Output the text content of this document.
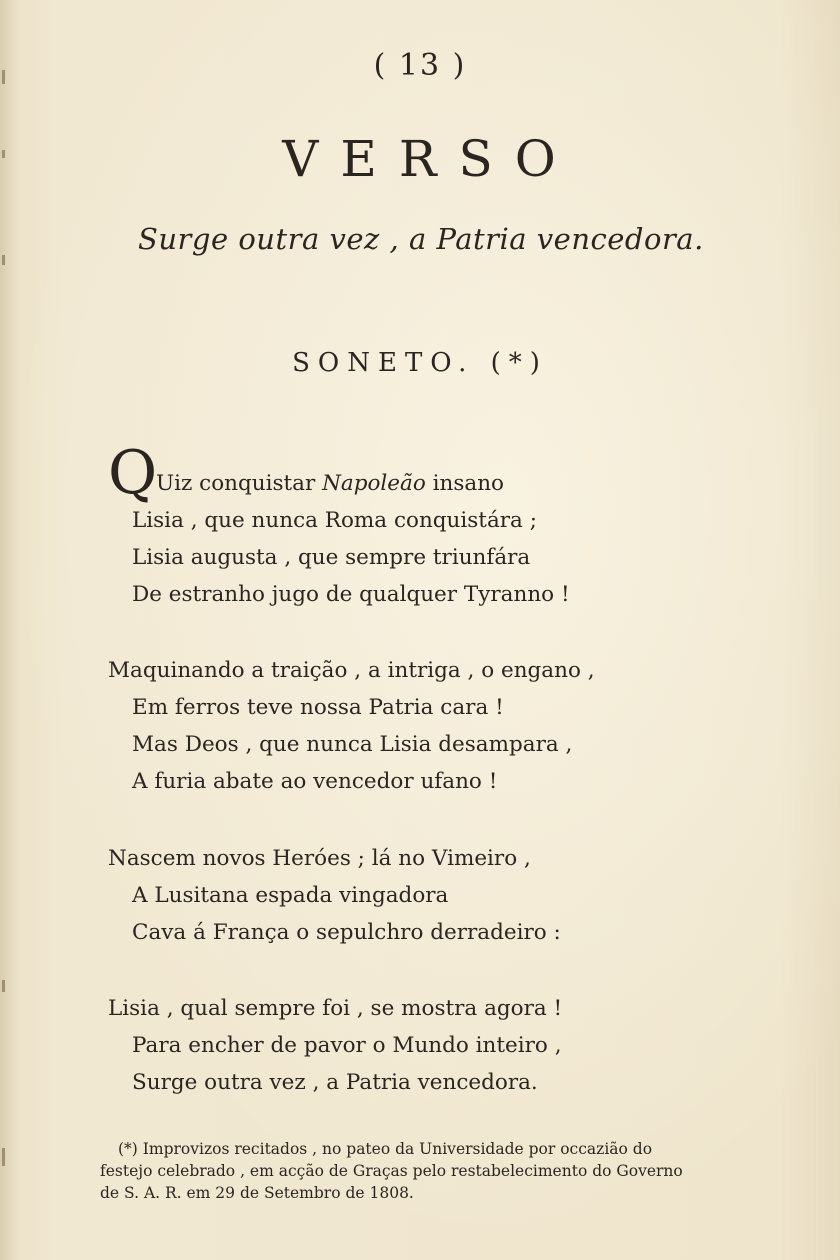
( 13 )
VERSO
Surge outra vez , a Patria vencedora.
SONETO. (*)
Q
Uiz conquistar Napoleão insano
Lisia , que nunca Roma conquistára ;
Lisia augusta , que sempre triunfára
De estranho jugo de qualquer Tyranno !
Maquinando a traição , a intriga , o engano ,
Em ferros teve nossa Patria cara !
Mas Deos , que nunca Lisia desampara ,
A furia abate ao vencedor ufano !
Nascem novos Heróes ; lá no Vimeiro ,
A Lusitana espada vingadora
Cava á França o sepulchro derradeiro :
Lisia , qual sempre foi , se mostra agora !
Para encher de pavor o Mundo inteiro ,
Surge outra vez , a Patria vencedora.
(*) Improvizos recitados , no pateo da Universidade por occazião do
festejo celebrado , em acção de Graças pelo restabelecimento do Governo
de S. A. R. em 29 de Setembro de 1808.
